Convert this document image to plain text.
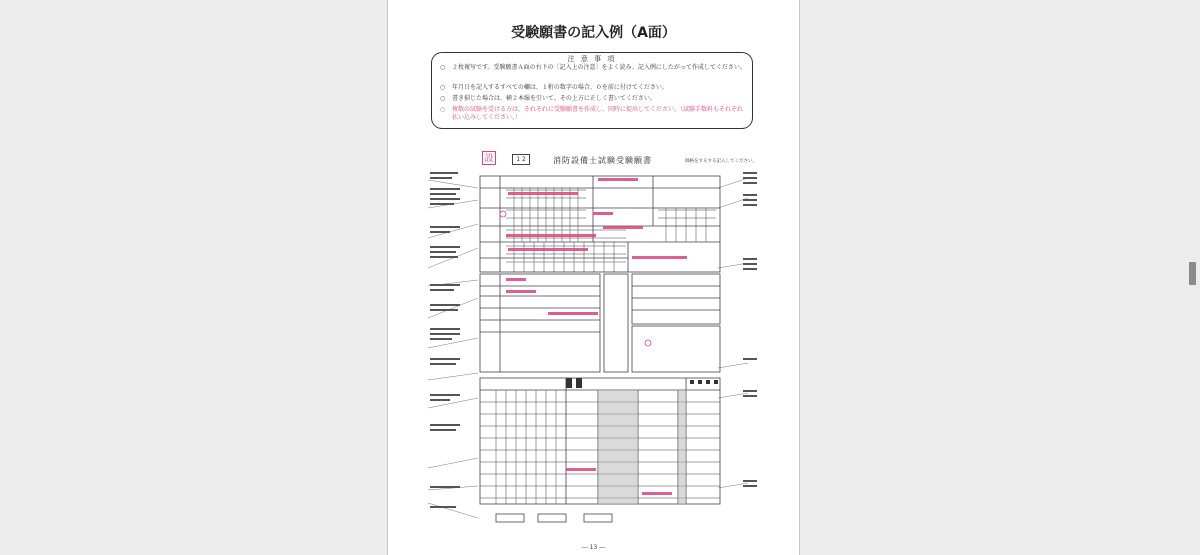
受験願書の記入例（A面）
注 意 事 項
○ ２枚複写です。受験願書Ａ面の右下の〔記入上の注意〕をよく読み、記入例にしたがって作成してください。
○ 年月日を記入するすべての欄は、１桁の数字の場合、０を前に付けてください。
○ 書き損じた場合は、横２本線を引いて、その上方に正しく書いてください。
○ 複数の試験を受ける方は、それぞれに受験願書を作成し、同時に提出してください。（試験手数料もそれぞれ払い込みしてください。）
設	1 2	消防設備士試験受験願書	価格をするする記入してください。
― 13 ―
